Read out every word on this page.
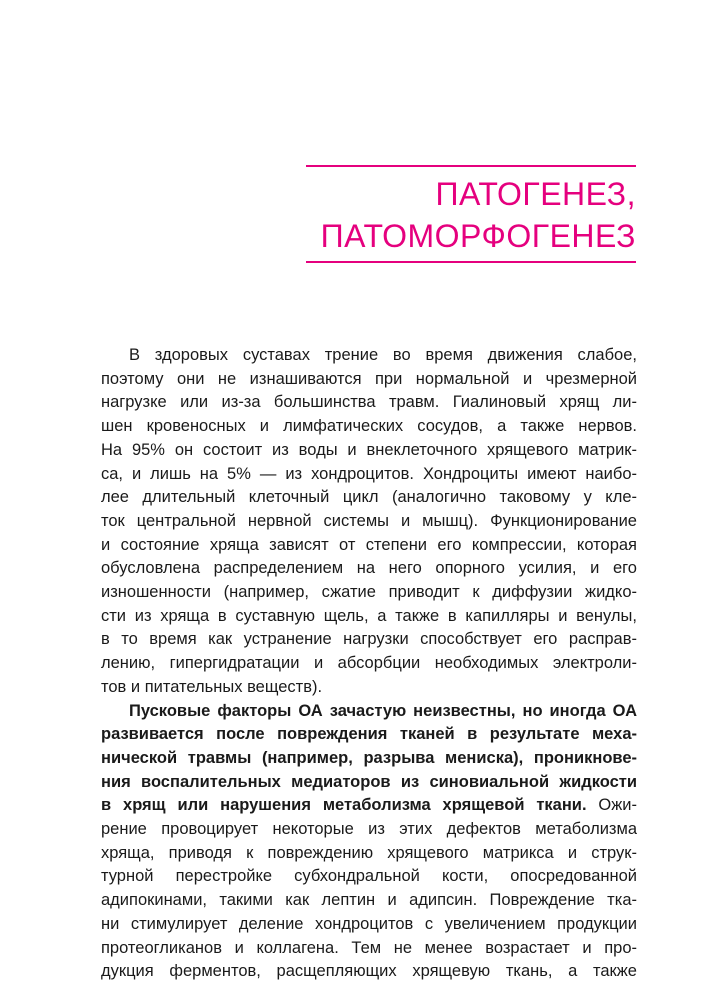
ПАТОГЕНЕЗ,
ПАТОМОРФОГЕНЕЗ
В здоровых суставах трение во время движения слабое,
поэтому они не изнашиваются при нормальной и чрезмерной
нагрузке или из-за большинства травм. Гиалиновый хрящ ли-
шен кровеносных и лимфатических сосудов, а также нервов.
На 95% он состоит из воды и внеклеточного хрящевого матрик-
са, и лишь на 5% — из хондроцитов. Хондроциты имеют наибо-
лее длительный клеточный цикл (аналогично таковому у кле-
ток центральной нервной системы и мышц). Функционирование
и состояние хряща зависят от степени его компрессии, которая
обусловлена распределением на него опорного усилия, и его
изношенности (например, сжатие приводит к диффузии жидко-
сти из хряща в суставную щель, а также в капилляры и венулы,
в то время как устранение нагрузки способствует его расправ-
лению, гипергидратации и абсорбции необходимых электроли-
тов и питательных веществ).
Пусковые факторы ОА зачастую неизвестны, но иногда ОА
развивается после повреждения тканей в результате меха-
нической травмы (например, разрыва мениска), проникнове-
ния воспалительных медиаторов из синовиальной жидкости
в хрящ или нарушения метаболизма хрящевой ткани. Ожи-
рение провоцирует некоторые из этих дефектов метаболизма
хряща, приводя к повреждению хрящевого матрикса и струк-
турной перестройке субхондральной кости, опосредованной
адипокинами, такими как лептин и адипсин. Повреждение тка-
ни стимулирует деление хондроцитов с увеличением продукции
протеогликанов и коллагена. Тем не менее возрастает и про-
дукция ферментов, расщепляющих хрящевую ткань, а также
